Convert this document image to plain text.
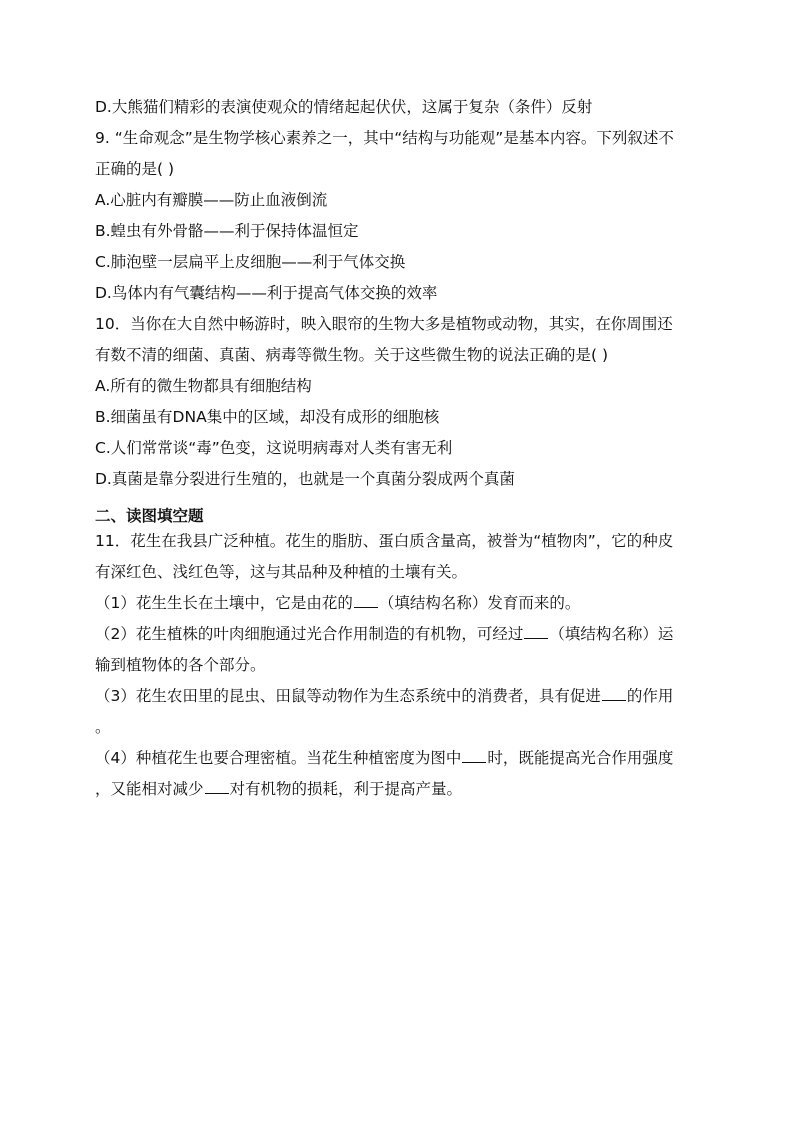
D.大熊猫们精彩的表演使观众的情绪起起伏伏，这属于复杂（条件）反射
9. “生命观念”是生物学核心素养之一，其中“结构与功能观”是基本内容。下列叙述不
正确的是( )
A.心脏内有瓣膜——防止血液倒流
B.蝗虫有外骨骼——利于保持体温恒定
C.肺泡壁一层扁平上皮细胞——利于气体交换
D.鸟体内有气囊结构——利于提高气体交换的效率
10．当你在大自然中畅游时，映入眼帘的生物大多是植物或动物，其实，在你周围还
有数不清的细菌、真菌、病毒等微生物。关于这些微生物的说法正确的是( )
A.所有的微生物都具有细胞结构
B.细菌虽有DNA集中的区域，却没有成形的细胞核
C.人们常常谈“毒”色变，这说明病毒对人类有害无利
D.真菌是靠分裂进行生殖的，也就是一个真菌分裂成两个真菌
二、读图填空题
11．花生在我县广泛种植。花生的脂肪、蛋白质含量高，被誉为“植物肉”，它的种皮
有深红色、浅红色等，这与其品种及种植的土壤有关。
（1）花生生长在土壤中，它是由花的 （填结构名称）发育而来的。
（2）花生植株的叶肉细胞通过光合作用制造的有机物，可经过 （填结构名称）运
输到植物体的各个部分。
（3）花生农田里的昆虫、田鼠等动物作为生态系统中的消费者，具有促进 的作用
。
（4）种植花生也要合理密植。当花生种植密度为图中 时，既能提高光合作用强度
，又能相对减少 对有机物的损耗，利于提高产量。
